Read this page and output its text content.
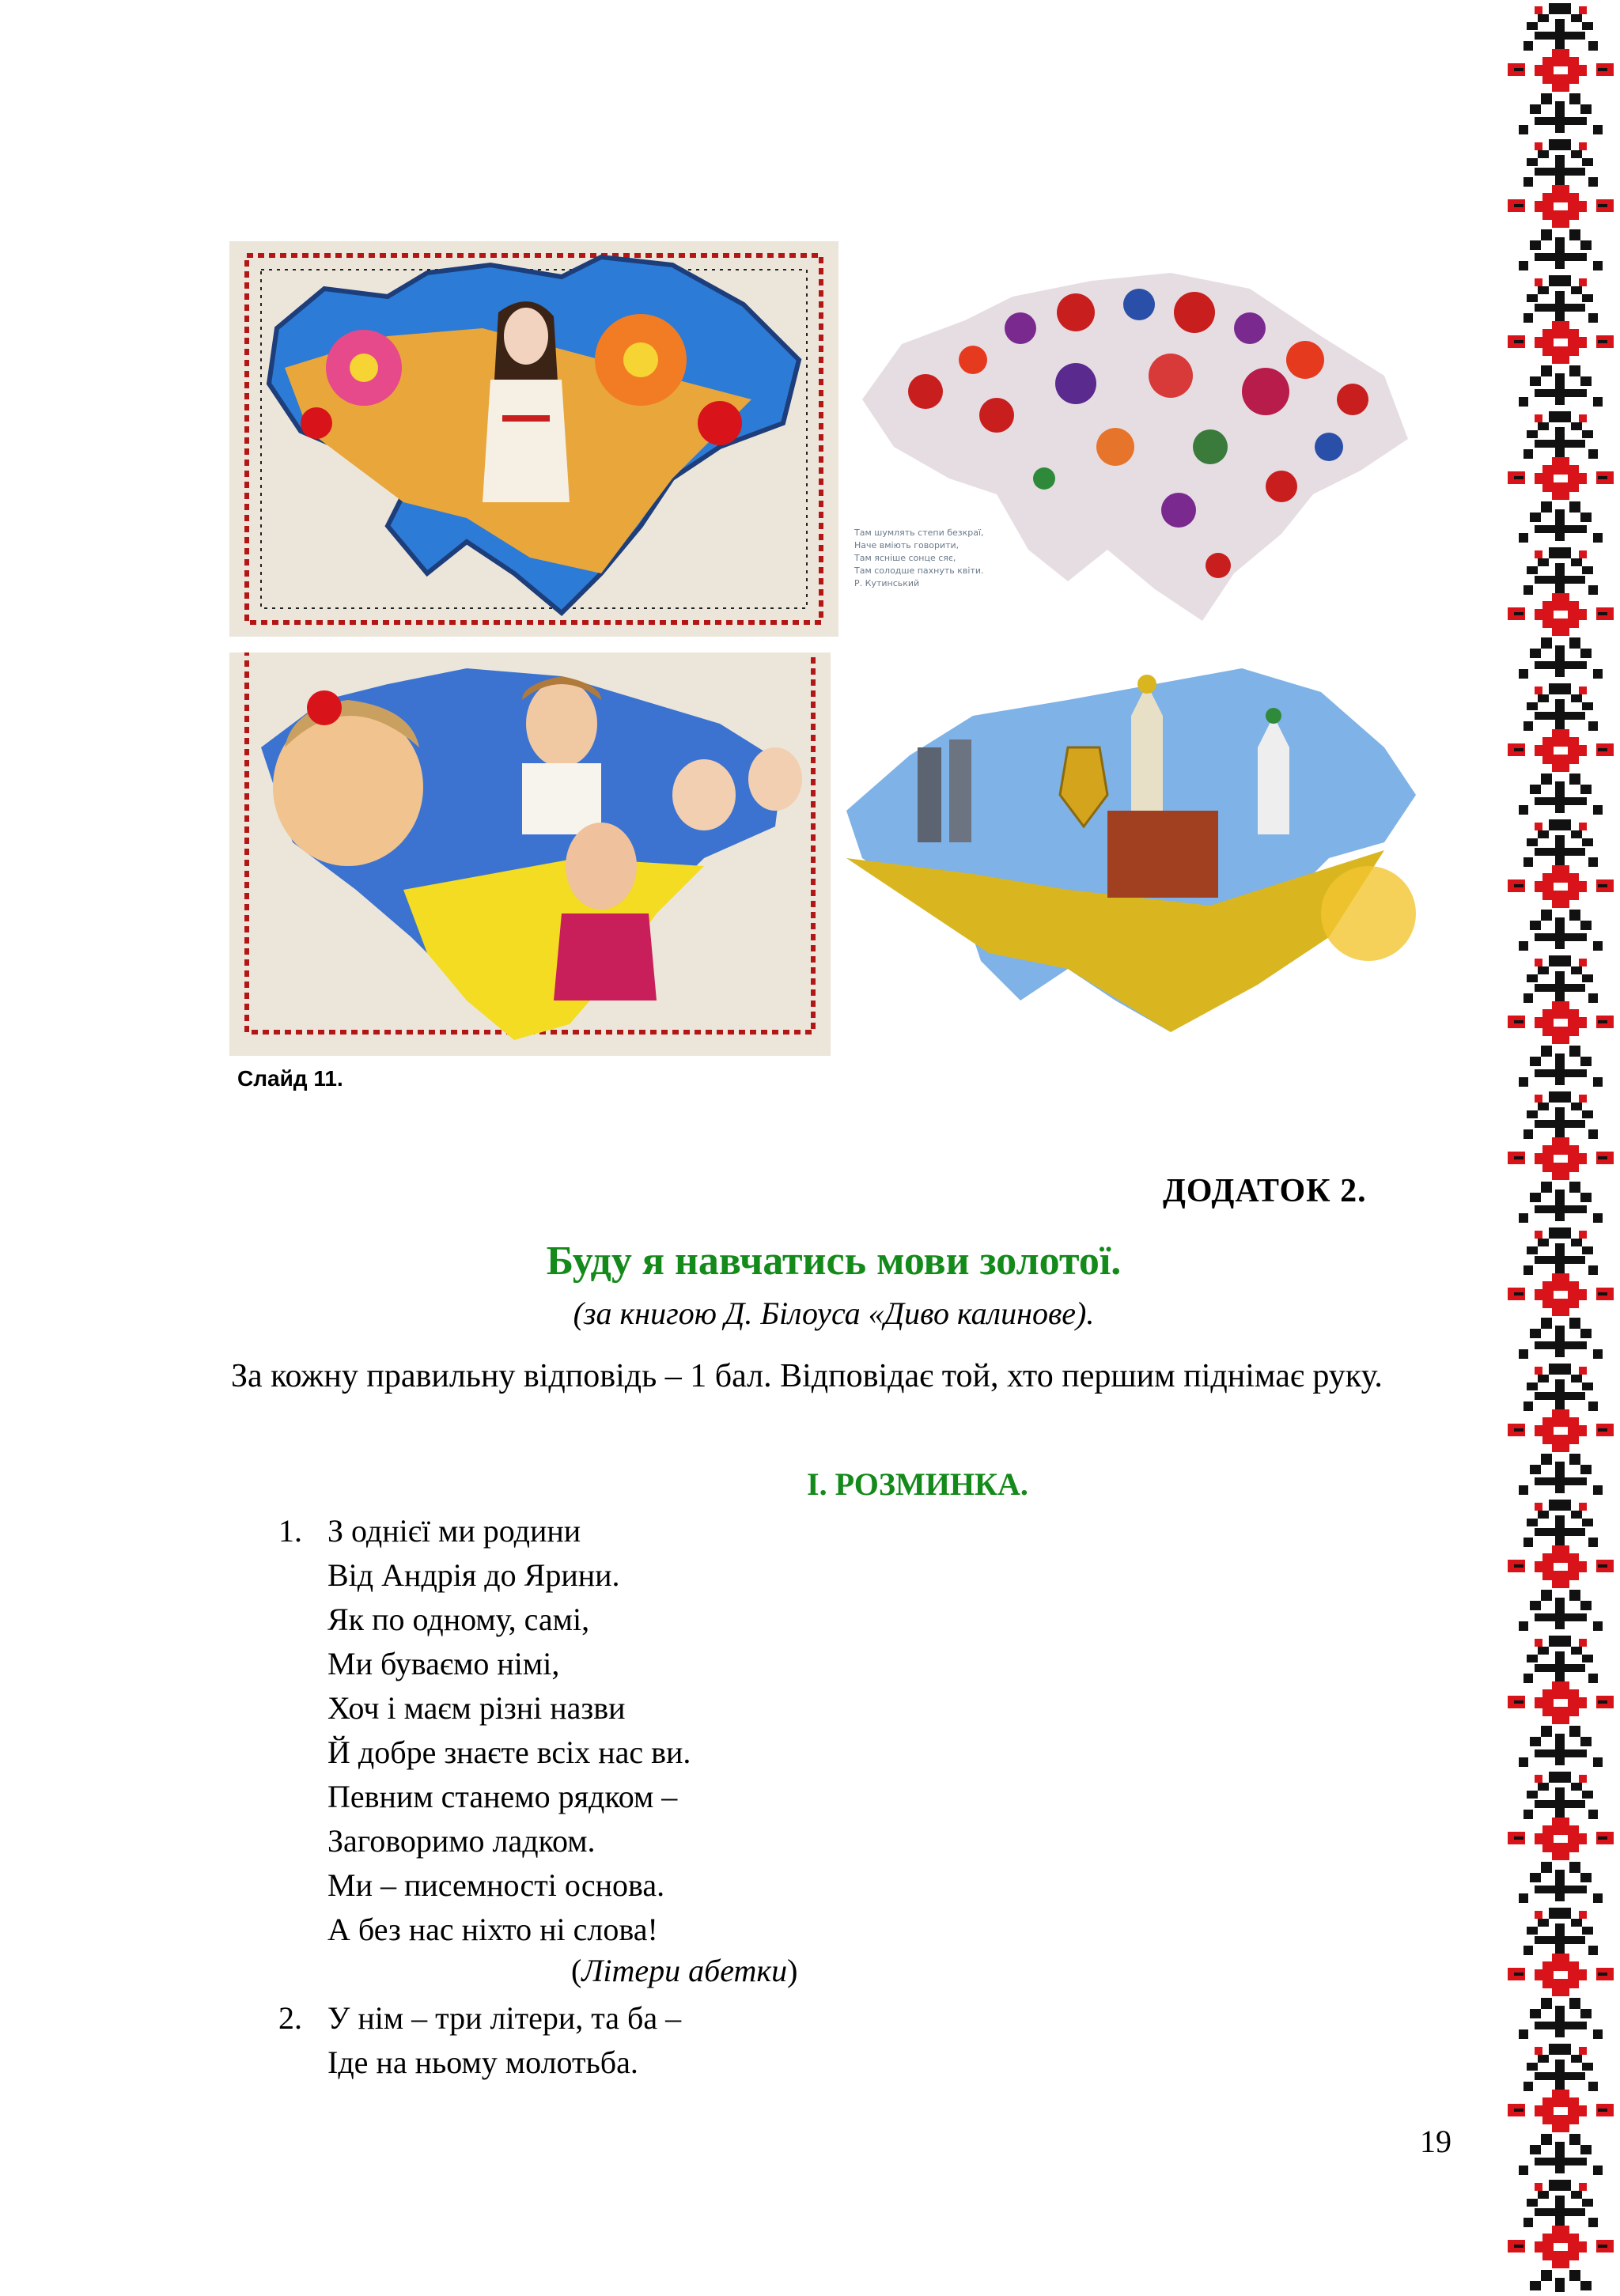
Там шумлять степи безкраї,
Наче вміють говорити,
Там ясніше сонце сяє,
Там солодше пахнуть квіти.
Р. Кутинський
Слайд 11.
ДОДАТОК 2.
Буду я навчатись мови золотої.
(за книгою Д. Білоуса «Диво калинове).
За кожну правильну відповідь – 1 бал. Відповідає той, хто першим піднімає руку.
І. РОЗМИНКА.
1. З однієї ми родини
Від Андрія до Ярини.
Як по одному, самі,
Ми буваємо німі,
Хоч і маєм різні назви
Й добре знаєте всіх нас ви.
Певним станемо рядком –
Заговоримо ладком.
Ми – писемності основа.
А без нас ніхто ні слова!
(Літери абетки)
2. У нім – три літери, та ба –
Іде на ньому молотьба.
19
